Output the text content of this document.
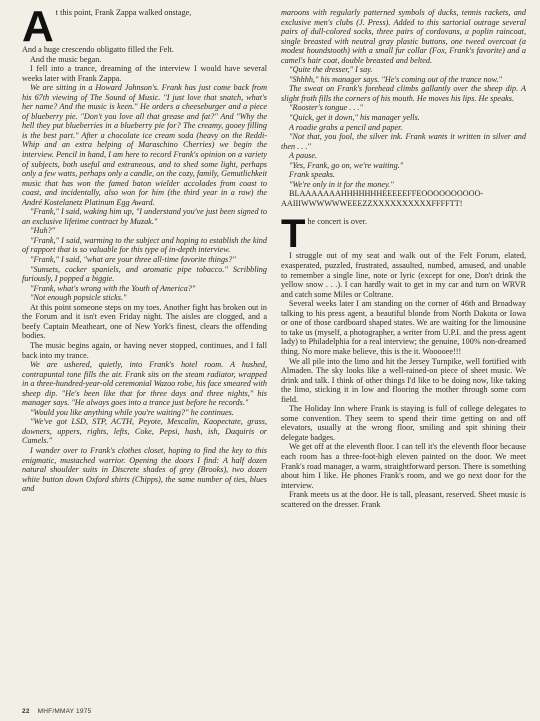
At this point, Frank Zappa walked onstage,

And a huge crescendo obligatto filled the Felt.

And the music began.

I fell into a trance, dreaming of the interview I would have several weeks later with Frank Zappa.

We are sitting in a Howard Johnson's. Frank has just come back from his 67th viewing of The Sound of Music. "I just love that snatch, what's her name? And the music is keen." He orders a cheeseburger and a piece of blueberry pie. "Don't you love all that grease and fat?" And "Why the hell they put blueberries in a blueberry pie for? The creamy, gooey filling is the best part." After a chocolate ice cream soda (heavy on the Reddi-Whip and an extra helping of Maraschino Cherries) we begin the interview. Pencil in hand, I am here to record Frank's opinion on a variety of subjects, both useful and extraneous, and to shed some light, perhaps only a few watts, perhaps only a candle, on the cozy, family, Gemutlichkeit music that has won the famed baton wielder accolades from coast to coast, and incidentally, also won for him (the third year in a row) the André Kostelanetz Platinum Egg Award.

"Frank," I said, waking him up, "I understand you've just been signed to an exclusive lifetime contract by Muzak."

"Huh?"

"Frank," I said, warming to the subject and hoping to establish the kind of rapport that is so valuable for this type of in-depth interview.

"Frank," I said, "what are your three all-time favorite things?"

"Sunsets, cocker spaniels, and aromatic pipe tobacco." Scribbling furiously, I popped a biggie.

"Frank, what's wrong with the Youth of America?"

"Not enough popsicle sticks."

At this point someone steps on my toes. Another fight has broken out in the Forum and it isn't even Friday night. The aisles are clogged, and a beefy Captain Meatheart, one of New York's finest, clears the offending bodies.

The music begins again, or having never stopped, continues, and I fall back into my trance.

We are ushered, quietly, into Frank's hotel room. A hushed, contrapuntal tone fills the air. Frank sits on the steam radiator, wrapped in a three-hundred-year-old ceremonial Wazoo robe, his face smeared with sheep dip. "He's been like that for three days and three nights," his manager says. "He always goes into a trance just before he records."

"Would you like anything while you're waiting?" he continues.

"We've got LSD, STP, ACTH, Peyote, Mescalin, Kaopectate, grass, downers, uppers, rights, lefts, Coke, Pepsi, hash, ish, Daquiris or Camels."

I wander over to Frank's clothes closet, hoping to find the key to this enigmatic, mustached warrior. Opening the doors I find: A half dozen natural shoulder suits in Discrete shades of grey (Brooks), two dozen white button down Oxford shirts (Chipps), the same number of ties, blues and

maroons with regularly patterned symbols of ducks, tennis rackets, and exclusive men's clubs (J. Press). Added to this sartorial outrage several pairs of dull-colored socks, three pairs of cordovans, a poplin raincoat, single breasted with neutral gray plastic buttons, one tweed overcoat (a modest houndstooth) with a small fur collar (Fox, Frank's favorite) and a camel's hair coat, double breasted and belted.

"Quite the dresser," I say.

"Shhhh," his manager says. "He's coming out of the trance now."

The sweat on Frank's forehead climbs gallantly over the sheep dip. A slight froth fills the corners of his mouth. He moves his lips. He speaks.

"Rooster's tongue . . ."

"Quick, get it down," his manager yells.

A roadie grabs a pencil and paper.

"Not that, you fool, the silver ink. Frank wants it written in silver and then . . ."

A pause.

"Yes, Frank, go on, we're waiting."

Frank speaks.

"We're only in it for the money."

BLAAAAAAAHHHHHHHEEEEEFFEOOOOOOOOOO-AAIIIWWWWWWEEEZZXXXXXXXXXXFFFFTT!

The concert is over.

I struggle out of my seat and walk out of the Felt Forum, elated, exasperated, puzzled, frustrated, assaulted, numbed, amused, and unable to remember a single line, note or lyric (except for one, Don't drink the yellow snow . . .). I can hardly wait to get in my car and turn on WRVR and catch some Miles or Coltrane.

Several weeks later I am standing on the corner of 46th and Broadway talking to his press agent, a beautiful blonde from North Dakota or Iowa or one of those cardboard shaped states. We are waiting for the limousine to take us (myself, a photographer, a writer from U.P.I. and the press agent lady) to Philadelphia for a real interview; the genuine, 100% non-dreamed thing. No more make believe, this is the it. Wooooee!!!

We all pile into the limo and hit the Jersey Turnpike, well fortified with Almaden. The sky looks like a well-rained-on piece of sheet music. We drink and talk. I think of other things I'd like to be doing now, like taking the limo, sticking it in low and flooring the mother through some corn field.

The Holiday Inn where Frank is staying is full of college delegates to some convention. They seem to spend their time getting on and off elevators, usually at the wrong floor, smiling and spit shining their delegate badges.

We get off at the eleventh floor. I can tell it's the eleventh floor because each room has a three-foot-high eleven painted on the door. We meet Frank's road manager, a warm, straightforward person. There is something about him I like. He phones Frank's room, and we go next door for the interview.

Frank meets us at the door. He is tall, pleasant, reserved. Sheet music is scattered on the dresser. Frank

22 MHF/MMAY 1975
